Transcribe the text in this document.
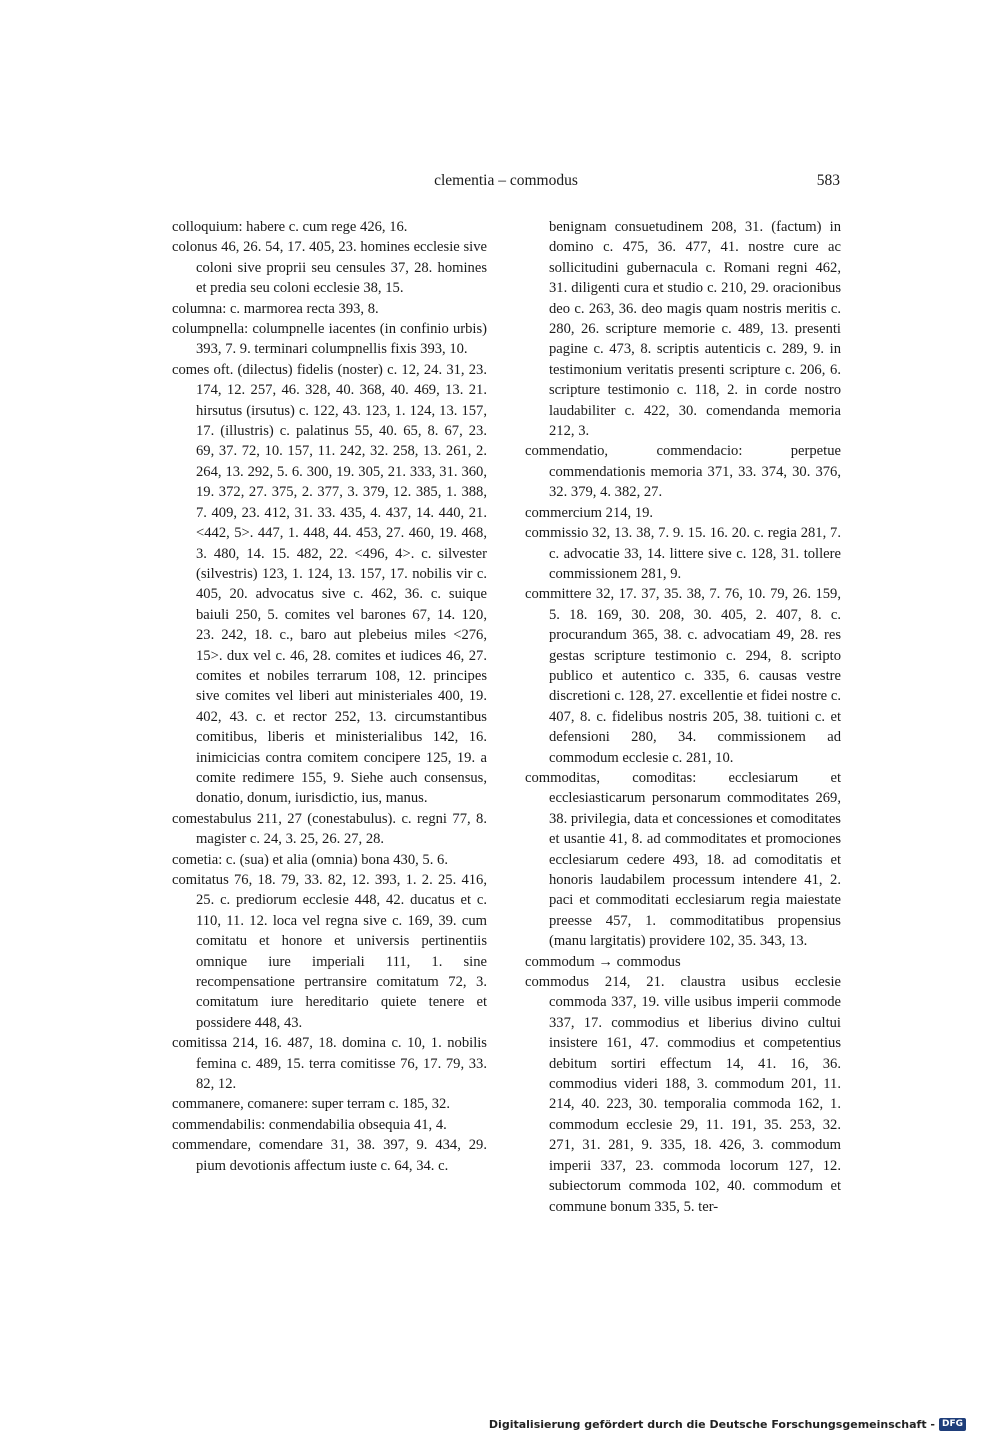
clementia – commodus	583

colloquium: habere c. cum rege 426, 16.

colonus 46, 26. 54, 17. 405, 23. homines ecclesie sive coloni sive proprii seu censules 37, 28. homines et predia seu coloni ecclesie 38, 15.

columna: c. marmorea recta 393, 8.

columpnella: columpnelle iacentes (in confinio urbis) 393, 7. 9. terminari columpnellis fixis 393, 10.

comes oft. (dilectus) fidelis (noster) c. 12, 24. 31, 23. 174, 12. 257, 46. 328, 40. 368, 40. 469, 13. 21. hirsutus (irsutus) c. 122, 43. 123, 1. 124, 13. 157, 17. (illustris) c. palatinus 55, 40. 65, 8. 67, 23. 69, 37. 72, 10. 157, 11. 242, 32. 258, 13. 261, 2. 264, 13. 292, 5. 6. 300, 19. 305, 21. 333, 31. 360, 19. 372, 27. 375, 2. 377, 3. 379, 12. 385, 1. 388, 7. 409, 23. 412, 31. 33. 435, 4. 437, 14. 440, 21. <442, 5>. 447, 1. 448, 44. 453, 27. 460, 19. 468, 3. 480, 14. 15. 482, 22. <496, 4>. c. silvester (silvestris) 123, 1. 124, 13. 157, 17. nobilis vir c. 405, 20. advocatus sive c. 462, 36. c. suique baiuli 250, 5. comites vel barones 67, 14. 120, 23. 242, 18. c., baro aut plebeius miles <276, 15>. dux vel c. 46, 28. comites et iudices 46, 27. comites et nobiles terrarum 108, 12. principes sive comites vel liberi aut ministeriales 400, 19. 402, 43. c. et rector 252, 13. circumstantibus comitibus, liberis et ministerialibus 142, 16. inimicicias contra comitem concipere 125, 19. a comite redimere 155, 9. Siehe auch consensus, donatio, donum, iurisdictio, ius, manus.

comestabulus 211, 27 (conestabulus). c. regni 77, 8. magister c. 24, 3. 25, 26. 27, 28.

cometia: c. (sua) et alia (omnia) bona 430, 5. 6.

comitatus 76, 18. 79, 33. 82, 12. 393, 1. 2. 25. 416, 25. c. prediorum ecclesie 448, 42. ducatus et c. 110, 11. 12. loca vel regna sive c. 169, 39. cum comitatu et honore et universis pertinentiis omnique iure imperiali 111, 1. sine recompensatione pertransire comitatum 72, 3. comitatum iure hereditario quiete tenere et possidere 448, 43.

comitissa 214, 16. 487, 18. domina c. 10, 1. nobilis femina c. 489, 15. terra comitisse 76, 17. 79, 33. 82, 12.

commanere, comanere: super terram c. 185, 32.

commendabilis: conmendabilia obsequia 41, 4.

commendare, comendare 31, 38. 397, 9. 434, 29. pium devotionis affectum iuste c. 64, 34. c.

benignam consuetudinem 208, 31. (factum) in domino c. 475, 36. 477, 41. nostre cure ac sollicitudini gubernacula c. Romani regni 462, 31. diligenti cura et studio c. 210, 29. oracionibus deo c. 263, 36. deo magis quam nostris meritis c. 280, 26. scripture memorie c. 489, 13. presenti pagine c. 473, 8. scriptis autenticis c. 289, 9. in testimonium veritatis presenti scripture c. 206, 6. scripture testimonio c. 118, 2. in corde nostro laudabiliter c. 422, 30. comendanda memoria 212, 3.

commendatio, commendacio: perpetue commendationis memoria 371, 33. 374, 30. 376, 32. 379, 4. 382, 27.

commercium 214, 19.

commissio 32, 13. 38, 7. 9. 15. 16. 20. c. regia 281, 7. c. advocatie 33, 14. littere sive c. 128, 31. tollere commissionem 281, 9.

committere 32, 17. 37, 35. 38, 7. 76, 10. 79, 26. 159, 5. 18. 169, 30. 208, 30. 405, 2. 407, 8. c. procurandum 365, 38. c. advocatiam 49, 28. res gestas scripture testimonio c. 294, 8. scripto publico et autentico c. 335, 6. causas vestre discretioni c. 128, 27. excellentie et fidei nostre c. 407, 8. c. fidelibus nostris 205, 38. tuitioni c. et defensioni 280, 34. commissionem ad commodum ecclesie c. 281, 10.

commoditas, comoditas: ecclesiarum et ecclesiasticarum personarum commoditates 269, 38. privilegia, data et concessiones et comoditates et usantie 41, 8. ad commoditates et promociones ecclesiarum cedere 493, 18. ad comoditatis et honoris laudabilem processum intendere 41, 2. paci et commoditati ecclesiarum regia maiestate preesse 457, 1. commoditatibus propensius (manu largitatis) providere 102, 35. 343, 13.

commodum → commodus

commodus 214, 21. claustra usibus ecclesie commoda 337, 19. ville usibus imperii commode 337, 17. commodius et liberius divino cultui insistere 161, 47. commodius et competentius debitum sortiri effectum 14, 41. 16, 36. commodius videri 188, 3. commodum 201, 11. 214, 40. 223, 30. temporalia commoda 162, 1. commodum ecclesie 29, 11. 191, 35. 253, 32. 271, 31. 281, 9. 335, 18. 426, 3. commodum imperii 337, 23. commoda locorum 127, 12. subiectorum commoda 102, 40. commodum et commune bonum 335, 5. ter-

Digitalisierung gefördert durch die Deutsche Forschungsgemeinschaft - DFG
